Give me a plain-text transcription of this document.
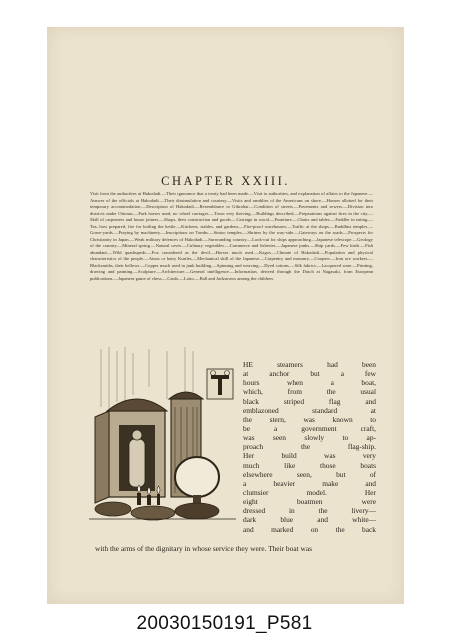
· · · · · · · · · · · · · · · ·
CHAPTER XXIII.
Visit from the authorities at Hakodadi.—Their ignorance that a treaty had been made.—Visit to authorities, and explanation of affairs to the Japanese.—Answer of the officials at Hakodadi.—Their dissimulation and courtesy.—Visits and ramblies of the Americans on shore.—Houses allotted for their temporary accommodation.—Description of Hakodadi.—Resemblance to Gibraltar.—Condition of streets.—Pavements and sewers.—Division into districts under Ottonas.—Park horses used, no wheel carriages.—Town very thriving.—Buildings described.—Preparations against fires in the city.—Skill of carpenters and house joiners.—Shops, their construction and goods.—Carriage in wood.—Furniture.—Chairs and tables.—Fuddler in eating.—Tea, how prepared, fire for boiling the kettle.—Kitchens, stables, and gardens.—Fire-proof warehouses.—Traffic at the shops.—Buddhist temples.—Grave-yards.—Praying by machinery.—Inscriptions on Tombs.—Sintoo temples.—Shrines by the way-side.—Gateways on the roads.—Prospects for Christianity in Japan.—Weak military defences of Hakodadi.—Surrounding country.—Look-out for ships approaching.—Japanese telescope.—Geology of the country.—Mineral spring.—Natural caves.—Culinary vegetables.—Commerce and fisheries.—Japanese junks.—Ship yards.—Few birds.—Fish abundant.—Wild quadrupeds.—Fox considered as the devil.—Horses much used.—Kagos.—Climate of Hakodadi.—Population and physical characteristics of the people.—Ainos or hairy Kuriles.—Mechanical skill of the Japanese.—Carpentry and masonry.—Coopers.—Iron ore workers.—Blacksmiths, their bellows.—Copper much used in junk building.—Spinning and weaving.—Dyed cottons.—Silk fabrics.—Lacquered ware.—Printing, drawing and painting.—Sculpture.—Architecture.—General intelligence.—Information, derived through the Dutch at Nagasaki, from European publications.—Japanese game of chess.—Cards.—Lotto.—Ball and Jackstraws among the children.
HE steamers had been
at anchor but a few
hours when a boat,
which, from the usual
black striped flag and
emblazoned standard at
the stern, was known to
be a government craft,
was seen slowly to ap-
proach the flag-ship.
Her build was very
much like those boats
elsewhere seen, but of
a heavier make and
clumsier model. Her
eight boatmen were
dressed in the livery—
dark blue and white—
and marked on the back
with the arms of the dignitary in whose service they were. Their boat was
20030150191_P581
